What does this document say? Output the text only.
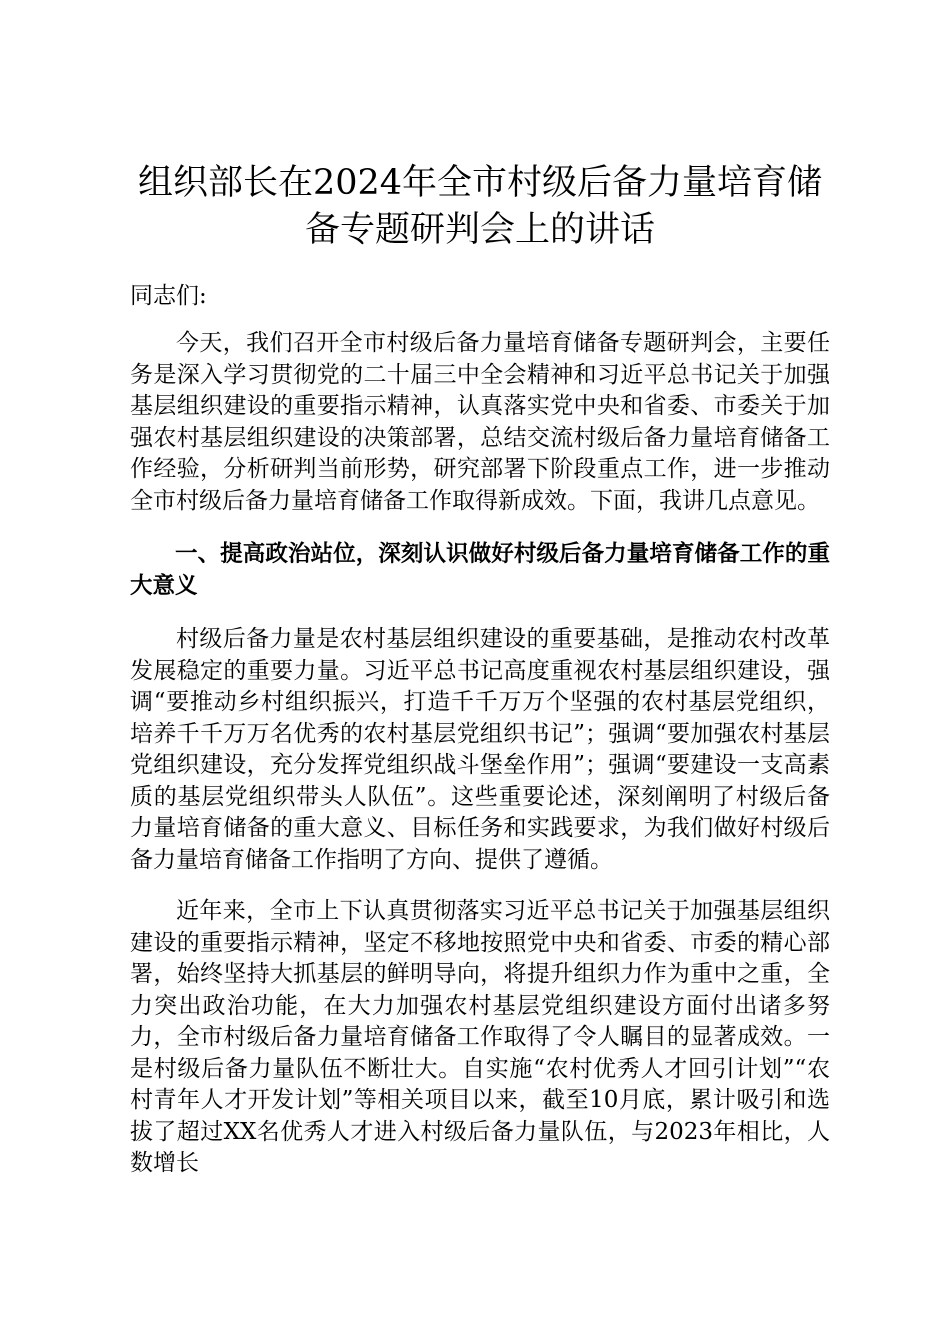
组织部长在2024年全市村级后备力量培育储
备专题研判会上的讲话
同志们:

今天，我们召开全市村级后备力量培育储备专题研判会，主要任务是深入学习贯彻党的二十届三中全会精神和习近平总书记关于加强基层组织建设的重要指示精神，认真落实党中央和省委、市委关于加强农村基层组织建设的决策部署，总结交流村级后备力量培育储备工作经验，分析研判当前形势，研究部署下阶段重点工作，进一步推动全市村级后备力量培育储备工作取得新成效。下面，我讲几点意见。

一、提高政治站位，深刻认识做好村级后备力量培育储备工作的重大意义

村级后备力量是农村基层组织建设的重要基础，是推动农村改革发展稳定的重要力量。习近平总书记高度重视农村基层组织建设，强调“要推动乡村组织振兴，打造千千万万个坚强的农村基层党组织，培养千千万万名优秀的农村基层党组织书记”；强调“要加强农村基层党组织建设，充分发挥党组织战斗堡垒作用”；强调“要建设一支高素质的基层党组织带头人队伍”。这些重要论述，深刻阐明了村级后备力量培育储备的重大意义、目标任务和实践要求，为我们做好村级后备力量培育储备工作指明了方向、提供了遵循。

近年来，全市上下认真贯彻落实习近平总书记关于加强基层组织建设的重要指示精神，坚定不移地按照党中央和省委、市委的精心部署，始终坚持大抓基层的鲜明导向，将提升组织力作为重中之重，全力突出政治功能，在大力加强农村基层党组织建设方面付出诸多努力，全市村级后备力量培育储备工作取得了令人瞩目的显著成效。一是村级后备力量队伍不断壮大。自实施“农村优秀人才回引计划”“农村青年人才开发计划”等相关项目以来，截至10月底，累计吸引和选拔了超过XX名优秀人才进入村级后备力量队伍，与2023年相比，人数增长
